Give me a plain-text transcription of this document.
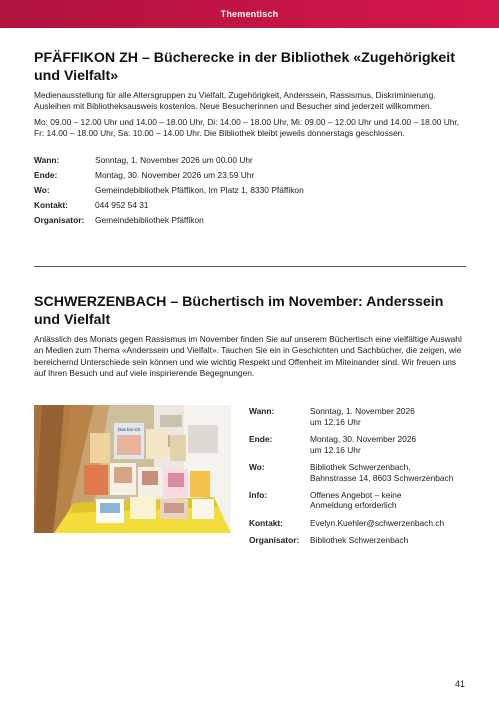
Thementisch
PFÄFFIKON ZH – Bücherecke in der Bibliothek «Zugehörigkeit und Vielfalt»

Medienausstellung für alle Altersgruppen zu Vielfalt, Zugehörigkeit, Anderssein, Rassismus, Diskriminierung. Ausleihen mit Bibliotheksausweis kostenlos. Neue Besucherinnen und Besucher sind jederzeit willkommen.

Mo: 09.00 – 12.00 Uhr und 14.00 – 18.00 Uhr, Di: 14.00 – 18.00 Uhr, Mi: 09.00 – 12.00 Uhr und 14.00 – 18.00 Uhr, Fr: 14.00 – 18.00 Uhr, Sa: 10.00 – 14.00 Uhr. Die Bibliothek bleibt jeweils donnerstags geschlossen.

Wann:	Sonntag, 1. November 2026 um 00.00 Uhr
Ende:	Montag, 30. November 2026 um 23.59 Uhr
Wo:	Gemeindebibliothek Pfäffikon, Im Platz 1, 8330 Pfäffikon
Kontakt:	044 952 54 31
Organisator:	Gemeindebibliothek Pfäffikon
SCHWERZENBACH – Büchertisch im November: Anderssein und Vielfalt

Anlässlich des Monats gegen Rassismus im November finden Sie auf unserem Büchertisch eine vielfältige Auswahl an Medien zum Thema «Anderssein und Vielfalt». Tauchen Sie ein in Geschichten und Sachbücher, die zeigen, wie bereichernd Unterschiede sein können und wie wichtig Respekt und Offenheit im Miteinander sind. Wir freuen uns auf Ihren Besuch und auf viele inspirierende Begegnungen.

Das bin ich
Wann:	Sonntag, 1. November 2026
um 12.16 Uhr
Ende:	Montag, 30. November 2026
um 12.16 Uhr
Wo:	Bibliothek Schwerzenbach,
Bahnstrasse 14, 8603 Schwerzenbach
Info:	Offenes Angebot – keine
Anmeldung erforderlich
Kontakt:	Evelyn.Kuehler@schwerzenbach.ch
Organisator:	Bibliothek Schwerzenbach
41
